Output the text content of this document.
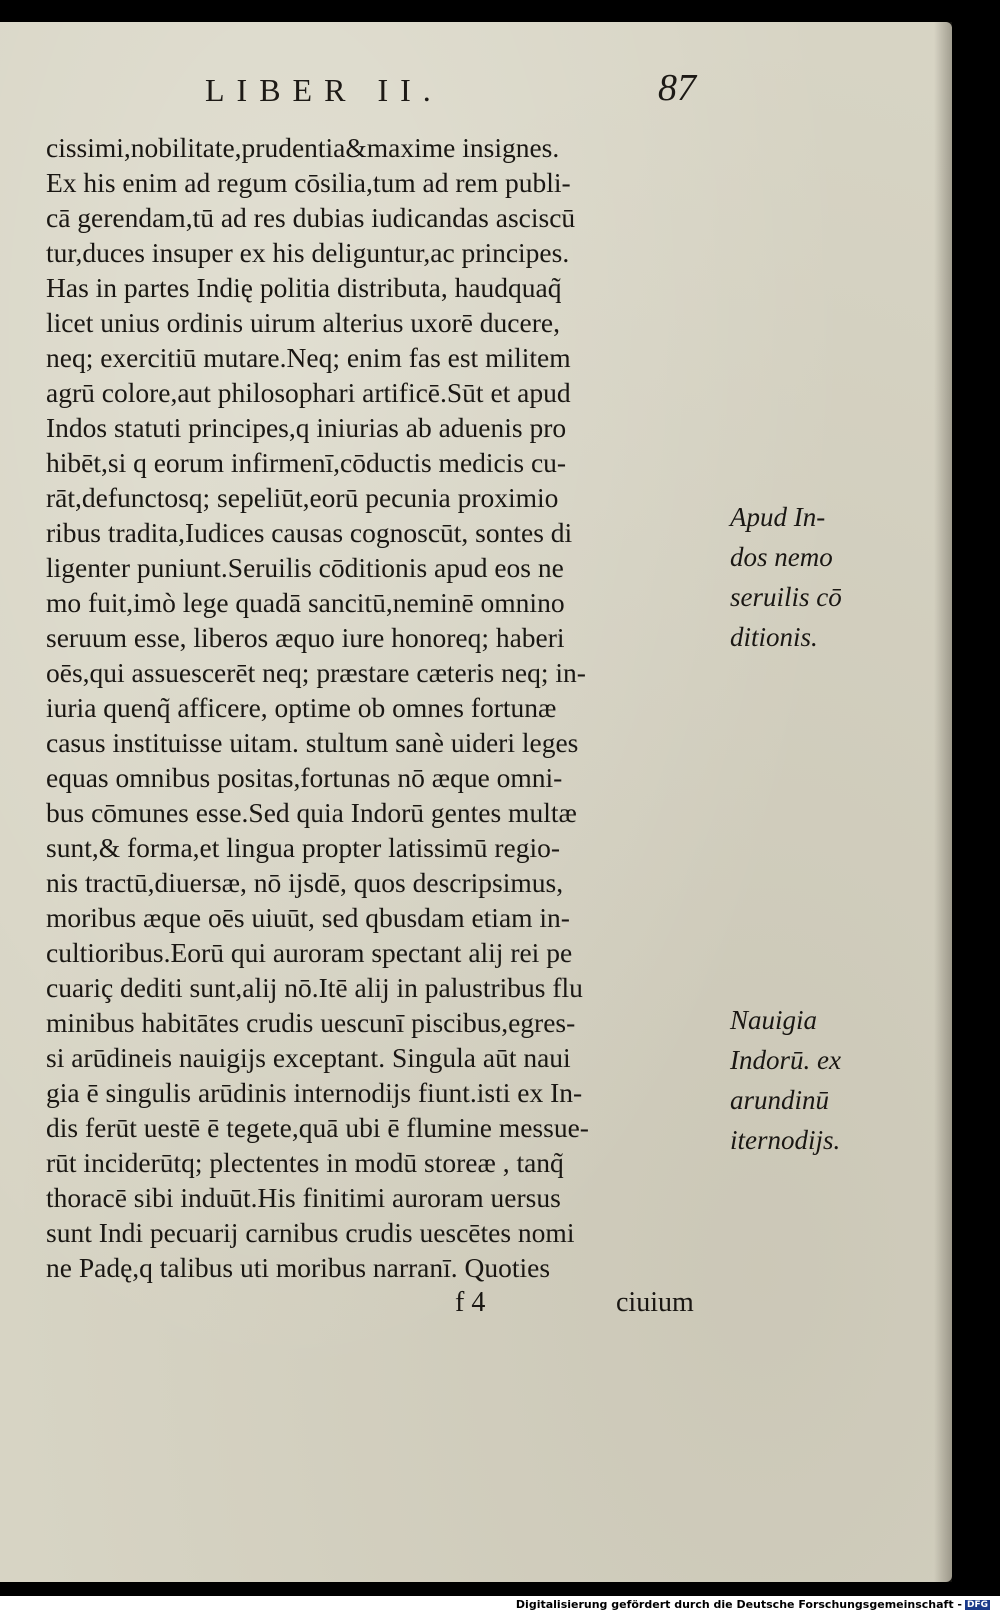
LIBER II.	87
cissimi,nobilitate,prudentia&maxime insignes.
Ex his enim ad regum cōsilia,tum ad rem publi-
cā gerendam,tū ad res dubias iudicandas asciscū
tur,duces insuper ex his deliguntur,ac principes.
Has in partes Indię politia distributa, haudquaq̃
licet unius ordinis uirum alterius uxorē ducere,
neq; exercitiū mutare.Neq; enim fas est militem
agrū colore,aut philosophari artificē.Sūt et apud
Indos statuti principes,q iniurias ab aduenis pro
hibēt,si q eorum infirmenī,cōductis medicis cu-
rāt,defunctosq; sepeliūt,eorū pecunia proximio
ribus tradita,Iudices causas cognoscūt, sontes di
ligenter puniunt.Seruilis cōditionis apud eos ne
mo fuit,imò lege quadā sancitū,neminē omnino
seruum esse, liberos æquo iure honoreq; haberi
oēs,qui assuescerēt neq; præstare cæteris neq; in-
iuria quenq̃ afficere, optime ob omnes fortunæ
casus instituisse uitam. stultum sanè uideri leges
equas omnibus positas,fortunas nō æque omni-
bus cōmunes esse.Sed quia Indorū gentes multæ
sunt,& forma,et lingua propter latissimū regio-
nis tractū,diuersæ, nō ijsdē, quos descripsimus,
moribus æque oēs uiuūt, sed qbusdam etiam in-
cultioribus.Eorū qui auroram spectant alij rei pe
cuariç dediti sunt,alij nō.Itē alij in palustribus flu
minibus habitātes crudis uescunī piscibus,egres-
si arūdineis nauigijs exceptant. Singula aūt naui
gia ē singulis arūdinis internodijs fiunt.isti ex In-
dis ferūt uestē ē tegete,quā ubi ē flumine messue-
rūt inciderūtq; plectentes in modū storeæ , tanq̃
thoracē sibi induūt.His finitimi auroram uersus
sunt Indi pecuarij carnibus crudis uescētes nomi
ne Padę,q talibus uti moribus narranī. Quoties
Apud In-
dos nemo
seruilis cō
ditionis.
Nauigia
Indorū. ex
arundinū
iternodijs.
f 4	ciuium
Digitalisierung gefördert durch die Deutsche Forschungsgemeinschaft - DFG
